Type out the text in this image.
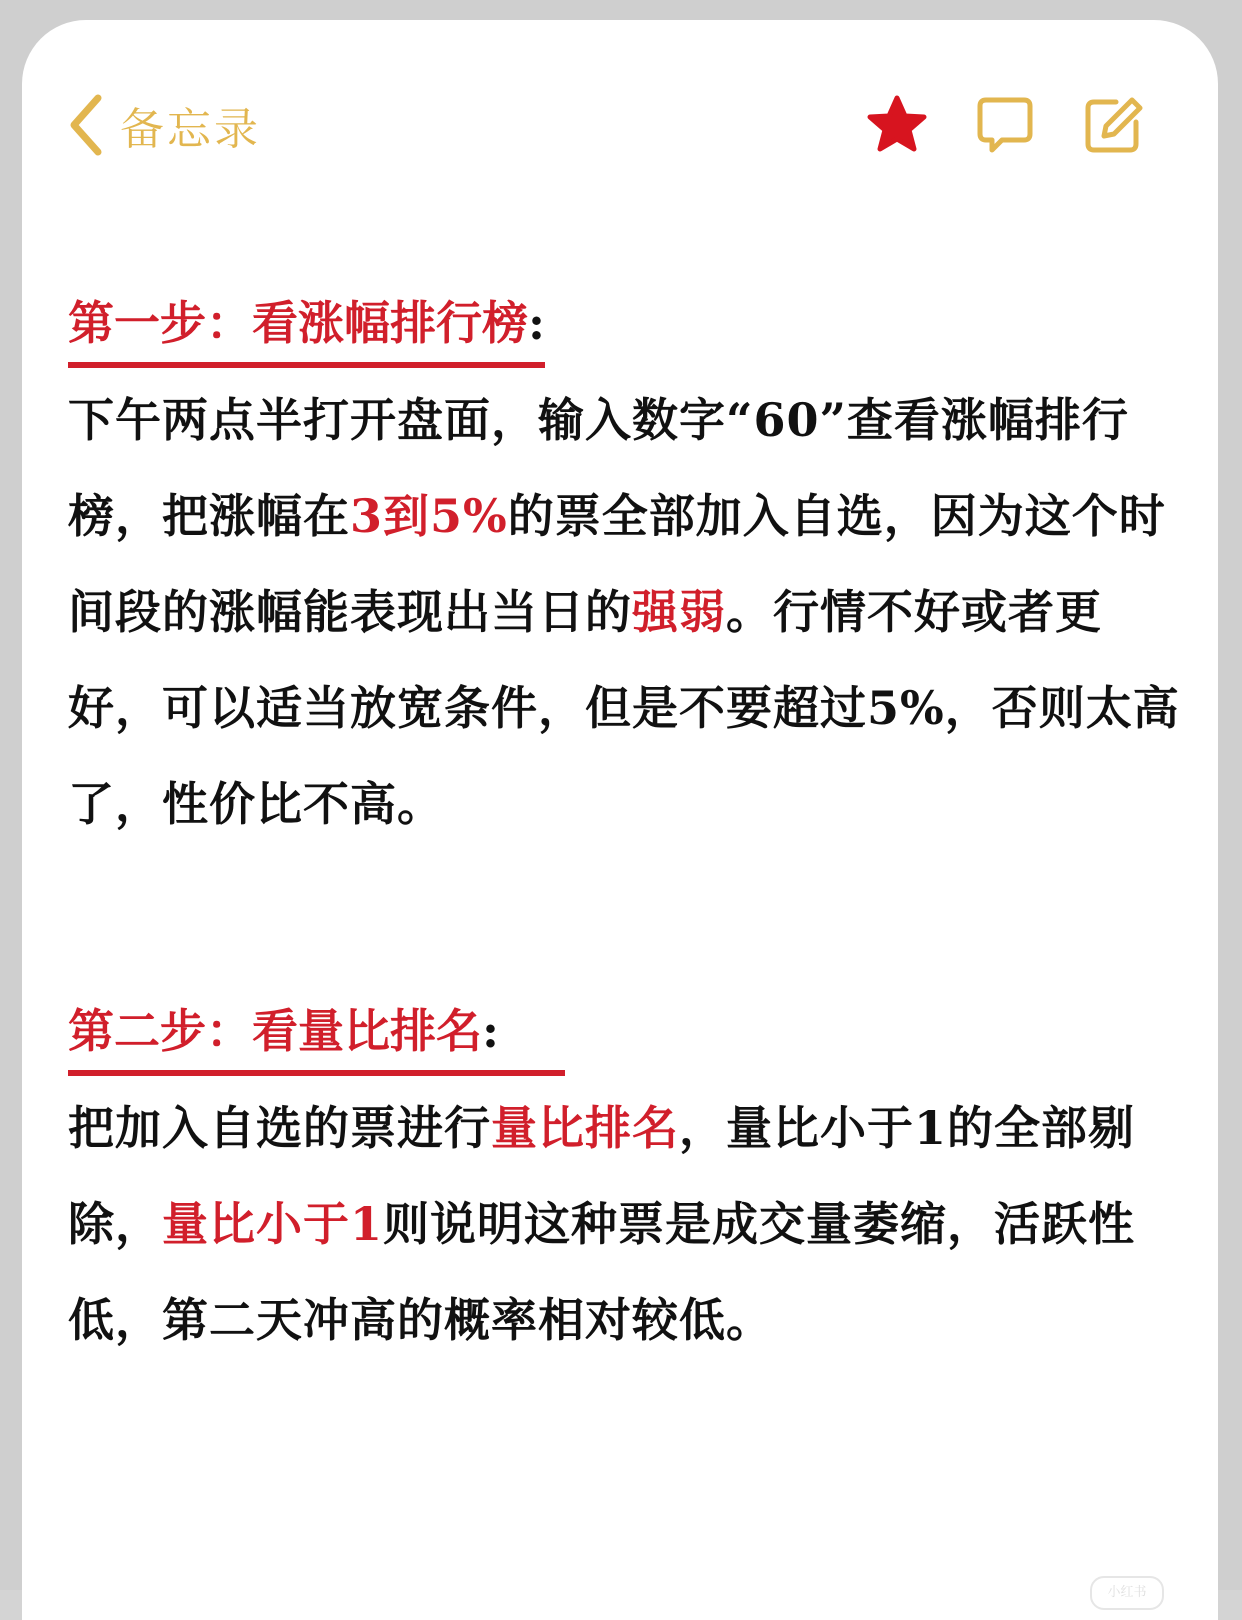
备忘录
第一步：看涨幅排行榜:

下午两点半打开盘面，输入数字“60”查看涨幅排行榜，把涨幅在3到5%的票全部加入自选，因为这个时间段的涨幅能表现出当日的强弱。行情不好或者更好，可以适当放宽条件，但是不要超过5%，否则太高了，性价比不高。

第二步：看量比排名:

把加入自选的票进行量比排名，量比小于1的全部剔除，量比小于1则说明这种票是成交量萎缩，活跃性低，第二天冲高的概率相对较低。

小红书
